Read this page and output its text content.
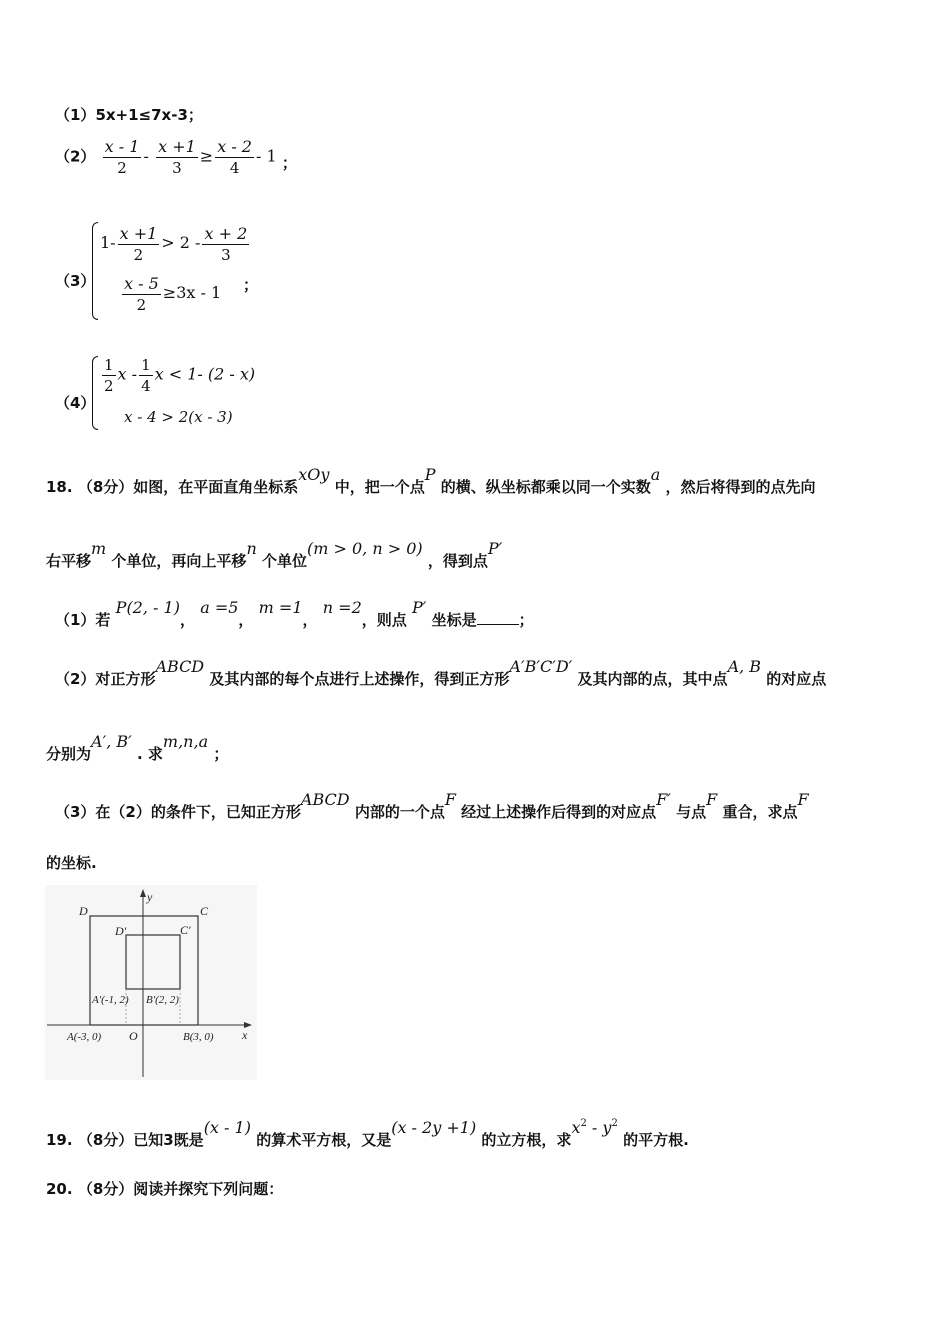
（1）5x+1≤7x-3；
$(2) \frac{x - 1}{2} - \frac{x +1}{3} \ge \frac{x - 2}{4} - 1$ ；
（3）
$1- \frac{x +1}{2} > 2 - \frac{x + 2}{3}$
$\frac{x - 5}{2} \ge 3x - 1$ ；
（4）
$\frac{1}{2}$ x - $\frac{1}{4}$ x < 1- (2 - x)
x - 4 > 2(x - 3)
18. （8分）如图，在平面直角坐标系xOy 中，把一个点P 的横、纵坐标都乘以同一个实数a ，然后将得到的点先向
右平移m 个单位，再向上平移n 个单位(m > 0, n > 0) ，得到点P′
（1）若 P(2, - 1)， a =5， m =1， n =2，则点 P′ 坐标是	；
（2）对正方形ABCD 及其内部的每个点进行上述操作，得到正方形A′B′C′D′ 及其内部的点，其中点A, B 的对应点
分别为A′, B′ . 求m,n,a ；
（3）在（2）的条件下，已知正方形ABCD 内部的一个点F 经过上述操作后得到的对应点F′ 与点F 重合，求点F
的坐标.
y
x
D	C
D′	C′
A′(-1, 2) B′(2, 2)
A(-3, 0) O	B(3, 0)
19. （8分）已知3既是(x - 1) 的算术平方根，又是(x - 2y +1) 的立方根，求$x^2 - y^2$ 的平方根.
20. （8分）阅读并探究下列问题：
